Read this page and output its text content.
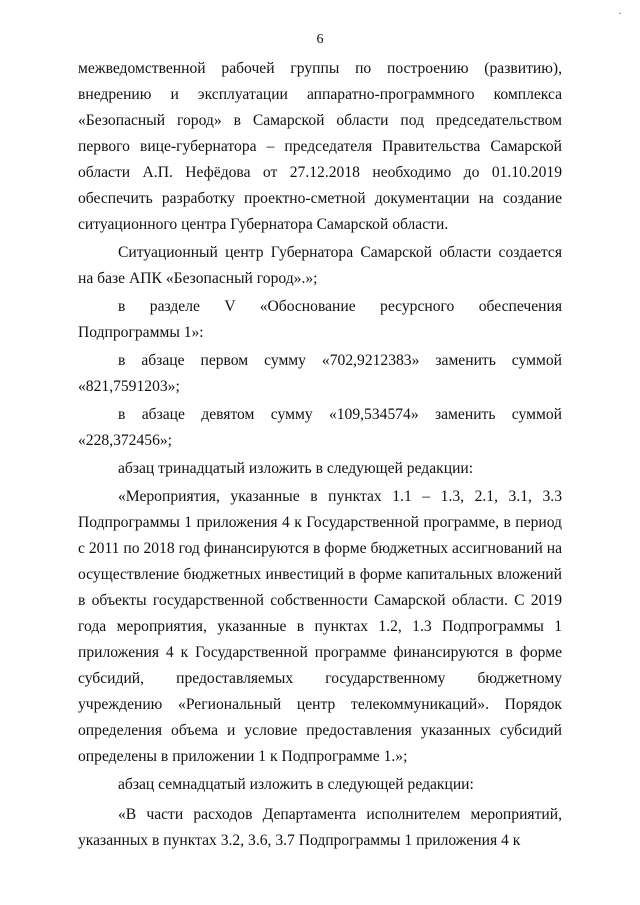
·
6

межведомственной рабочей группы по построению (развитию), внедрению и эксплуатации аппаратно-программного комплекса «Безопасный город» в Самарской области под председательством первого вице-губернатора – председателя Правительства Самарской области А.П. Нефёдова от 27.12.2018 необходимо до 01.10.2019 обеспечить разработку проектно-сметной документации на создание ситуационного центра Губернатора Самарской области.

Ситуационный центр Губернатора Самарской области создается на базе АПК «Безопасный город».»;

в разделе V «Обоснование ресурсного обеспечения Подпрограммы 1»:

в абзаце первом сумму «702,9212383» заменить суммой «821,7591203»;

в абзаце девятом сумму «109,534574» заменить суммой «228,372456»;

абзац тринадцатый изложить в следующей редакции:

«Мероприятия, указанные в пунктах 1.1 – 1.3, 2.1, 3.1, 3.3 Подпрограммы 1 приложения 4 к Государственной программе, в период с 2011 по 2018 год финансируются в форме бюджетных ассигнований на осуществление бюджетных инвестиций в форме капитальных вложений в объекты государственной собственности Самарской области. С 2019 года мероприятия, указанные в пунктах 1.2, 1.3 Подпрограммы 1 приложения 4 к Государственной программе финансируются в форме субсидий, предоставляемых государственному бюджетному учреждению «Региональный центр телекоммуникаций». Порядок определения объема и условие предоставления указанных субсидий определены в приложении 1 к Подпрограмме 1.»;

абзац семнадцатый изложить в следующей редакции:

«В части расходов Департамента исполнителем мероприятий, указанных в пунктах 3.2, 3.6, 3.7 Подпрограммы 1 приложения 4 к
